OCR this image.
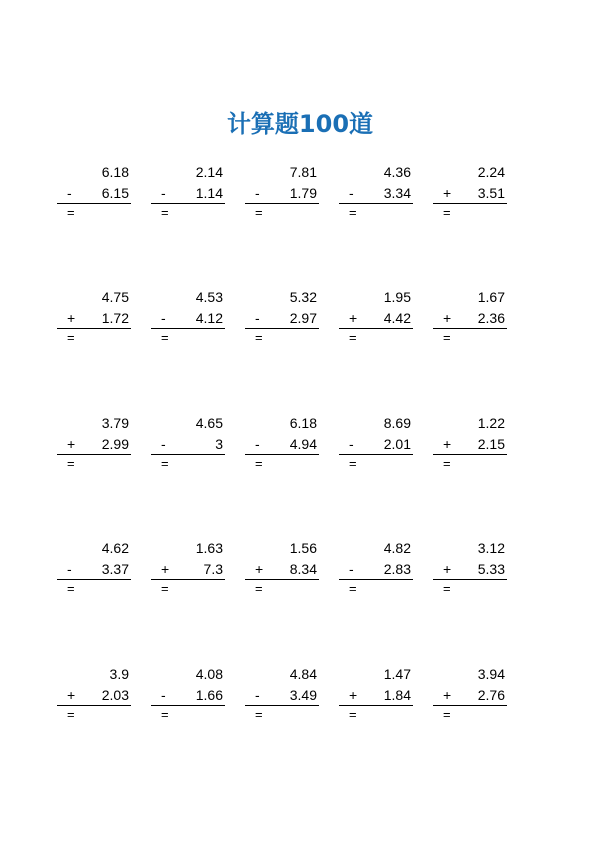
计算题100道
6.18
-	6.15
=
2.14
-	1.14
=
7.81
-	1.79
=
4.36
-	3.34
=
2.24
+	3.51
=
4.75
+	1.72
=
4.53
-	4.12
=
5.32
-	2.97
=
1.95
+	4.42
=
1.67
+	2.36
=
3.79
+	2.99
=
4.65
-	3
=
6.18
-	4.94
=
8.69
-	2.01
=
1.22
+	2.15
=
4.62
-	3.37
=
1.63
+	7.3
=
1.56
+	8.34
=
4.82
-	2.83
=
3.12
+	5.33
=
3.9
+	2.03
=
4.08
-	1.66
=
4.84
-	3.49
=
1.47
+	1.84
=
3.94
+	2.76
=
